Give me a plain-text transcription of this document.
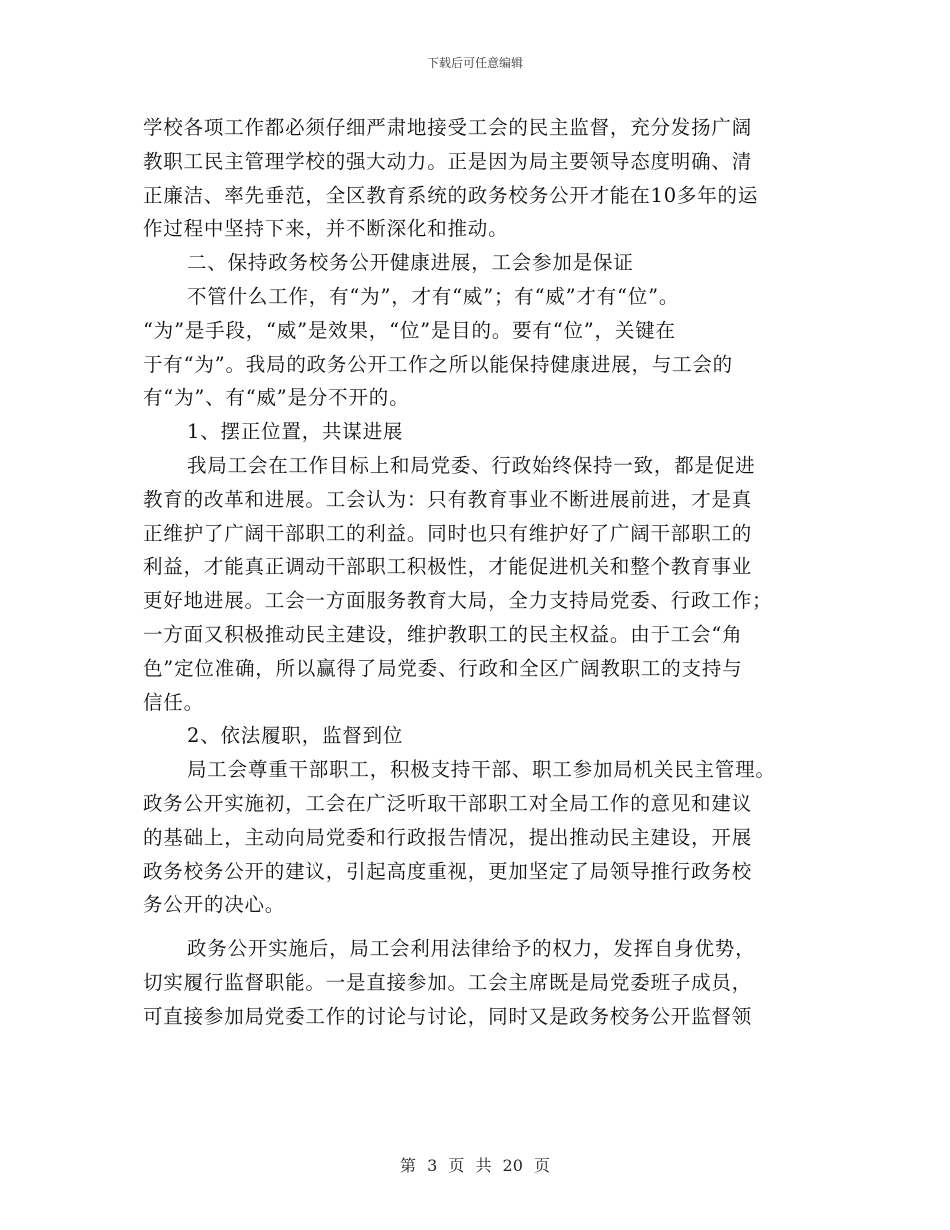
下载后可任意编辑
学校各项工作都必须仔细严肃地接受工会的民主监督，充分发扬广阔
教职工民主管理学校的强大动力。正是因为局主要领导态度明确、清
正廉洁、率先垂范，全区教育系统的政务校务公开才能在10多年的运
作过程中坚持下来，并不断深化和推动。
二、保持政务校务公开健康进展，工会参加是保证
不管什么工作，有“为”，才有“威”；有“威”才有“位”。
“为”是手段，“威”是效果，“位”是目的。要有“位”，关键在
于有“为”。我局的政务公开工作之所以能保持健康进展，与工会的
有“为”、有“威”是分不开的。
1、摆正位置，共谋进展
我局工会在工作目标上和局党委、行政始终保持一致，都是促进
教育的改革和进展。工会认为：只有教育事业不断进展前进，才是真
正维护了广阔干部职工的利益。同时也只有维护好了广阔干部职工的
利益，才能真正调动干部职工积极性，才能促进机关和整个教育事业
更好地进展。工会一方面服务教育大局，全力支持局党委、行政工作；
一方面又积极推动民主建设，维护教职工的民主权益。由于工会“角
色”定位准确，所以赢得了局党委、行政和全区广阔教职工的支持与
信任。
2、依法履职，监督到位
局工会尊重干部职工，积极支持干部、职工参加局机关民主管理。
政务公开实施初，工会在广泛听取干部职工对全局工作的意见和建议
的基础上，主动向局党委和行政报告情况，提出推动民主建设，开展
政务校务公开的建议，引起高度重视，更加坚定了局领导推行政务校
务公开的决心。
政务公开实施后，局工会利用法律给予的权力，发挥自身优势，
切实履行监督职能。一是直接参加。工会主席既是局党委班子成员，
可直接参加局党委工作的讨论与讨论，同时又是政务校务公开监督领
第 3 页 共 20 页
